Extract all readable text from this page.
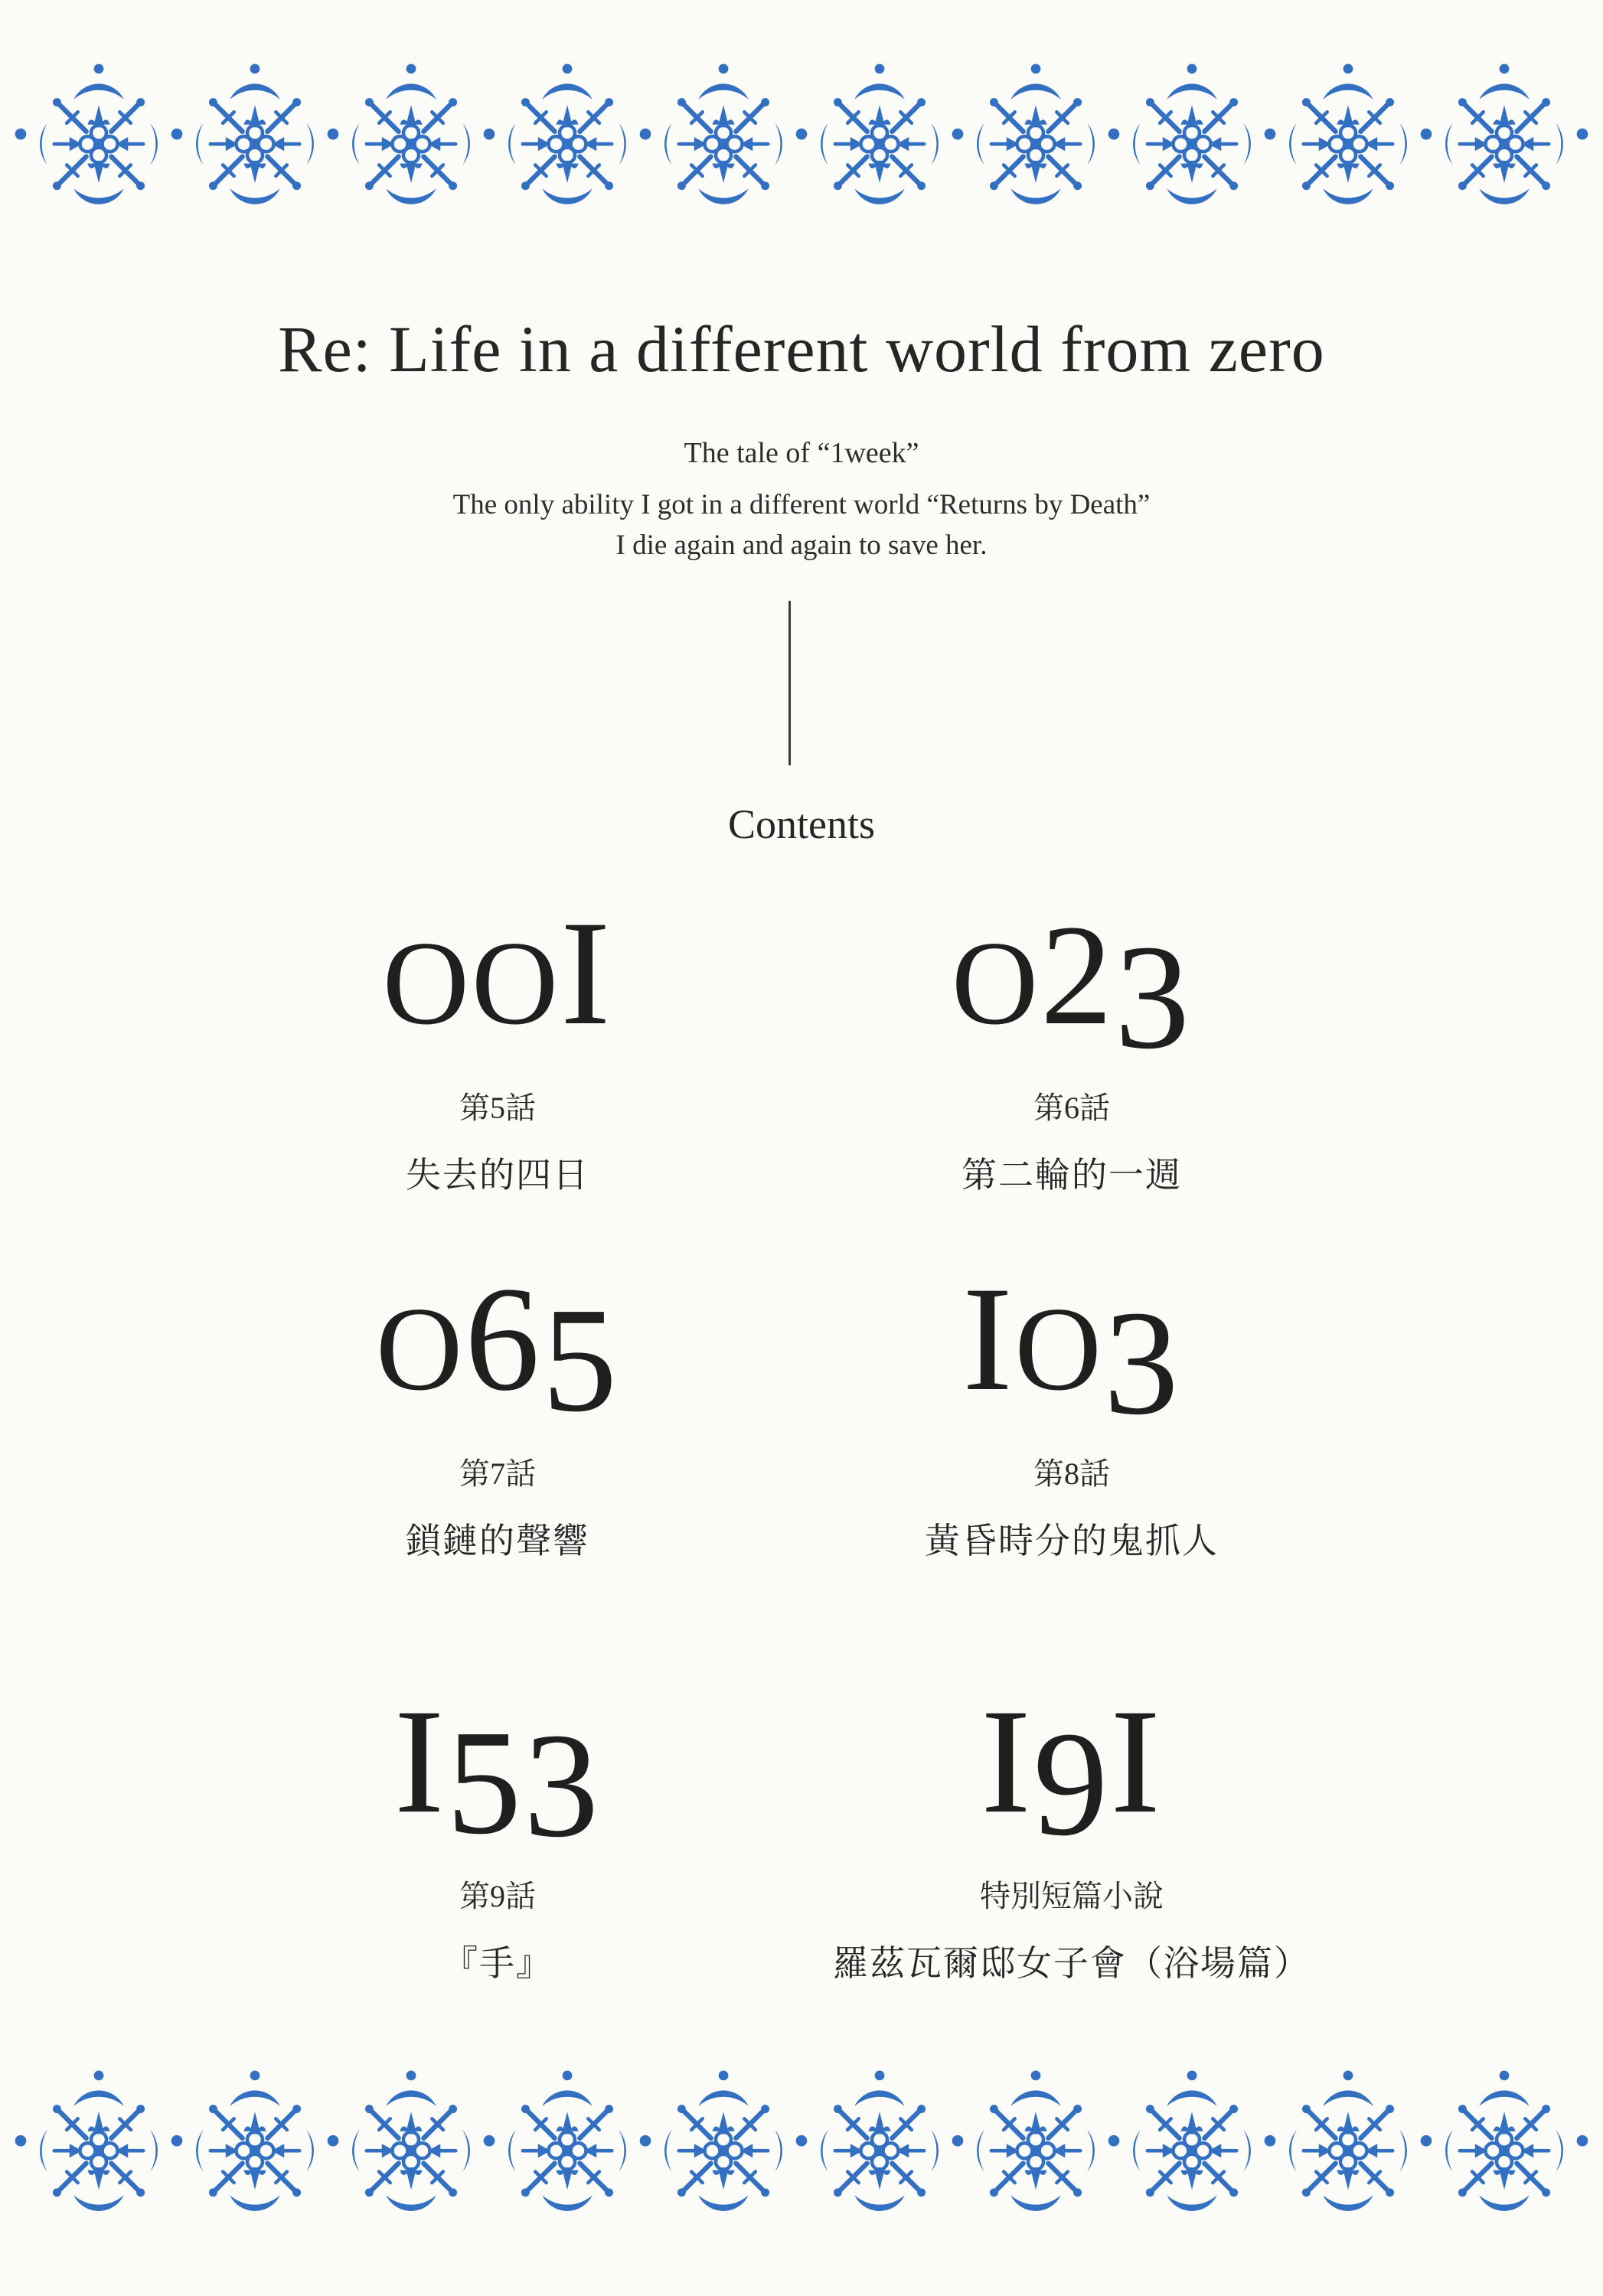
Re: Life in a different world from zero
The tale of “1week”
The only ability I got in a different world “Returns by Death”
I die again and again to save her.
Contents
OOI
第5話
失去的四日
O23
第6話
第二輪的一週
O65
第7話
鎖鏈的聲響
IO3
第8話
黃昏時分的鬼抓人
I53
第9話
『手』
I9I
特別短篇小說
羅茲瓦爾邸女子會（浴場篇）
